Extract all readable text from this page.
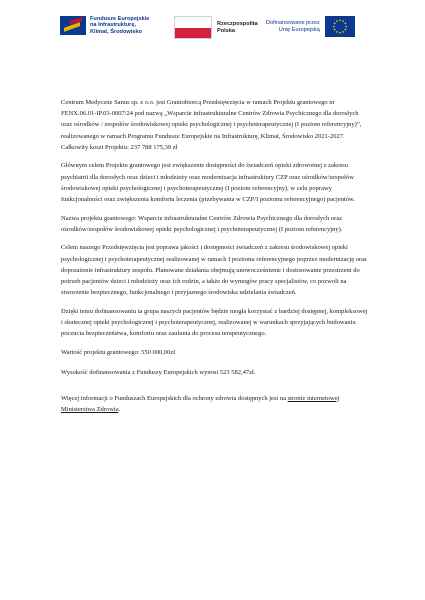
Fundusze Europejskie
na Infrastrukturę,
Klimat, Środowisko
Rzeczpospolita
Polska
Dofinansowane przez
Unię Europejską

Centrum Medyczne Sanus sp. z o.o. jest Grantobiorcą Przedsięwzięcia w ramach Projektu grantowego nr FENX.06.01-IP.03-0007/24 pod nazwą „Wsparcie infrastrukturalne Centrów Zdrowia Psychicznego dla dorosłych oraz ośrodków / zespołów środowiskowej opieki psychologicznej i psychoterapeutycznej (I poziom referencyjny)”, realizowanego w ramach Programu Fundusze Europejskie na Infrastrukturę, Klimat, Środowisko 2021-2027. Całkowity koszt Projektu: 237 788 175,39 zł

Głównym celem Projektu grantowego jest zwiększenie dostępności do świadczeń opieki zdrowotnej z zakresu psychiatrii dla dorosłych oraz dzieci i młodzieży oraz modernizacja infrastruktury CZP oraz ośrodków/zespołów środowiskowej opieki psychologicznej i psychoterapeutycznej (I poziom referencyjny), w celu poprawy funkcjonalności oraz zwiększenia komfortu leczenia (przebywania w CZP/I poziomu referencyjnego) pacjentów.

Nazwa projektu grantowego: Wsparcie infrastrukturalne Centrów Zdrowia Psychicznego dla dorosłych oraz ośrodków/zespołów środowiskowej opieki psychologicznej i psychoterapeutycznej (I poziom referencyjny).

Celem naszego Przedsięwzięcia jest poprawa jakości i dostępności świadczeń z zakresu środowiskowej opieki psychologicznej i psychoterapeutycznej realizowanej w ramach I poziomu referencyjnego poprzez modernizację oraz doposażenie infrastruktury zespołu. Planowane działania obejmują unowocześnienie i dostosowanie przestrzeni do potrzeb pacjentów dzieci i młodzieży oraz ich rodzin, a także do wymogów pracy specjalistów, co pozwoli na stworzenie bezpiecznego, funkcjonalnego i przyjaznego środowiska udzielania świadczeń.

Dzięki temu dofinansowaniu ta grupa naszych pacjentów będzie mogła korzystać z bardziej dostępnej, kompleksowej i skutecznej opieki psychologicznej i psychoterapeutycznej, realizowanej w warunkach sprzyjających budowaniu poczucia bezpieczeństwa, komfortu oraz zaufania do procesu terapeutycznego.

Wartość projektu grantowego: 550 000,00zł

Wysokość dofinansowania z Funduszy Europejskich wynosi 523 582,47zł.

Więcej informacji o Funduszach Europejskich dla ochrony zdrowia dostępnych jest na stronie internetowej Ministerstwa Zdrowia.
